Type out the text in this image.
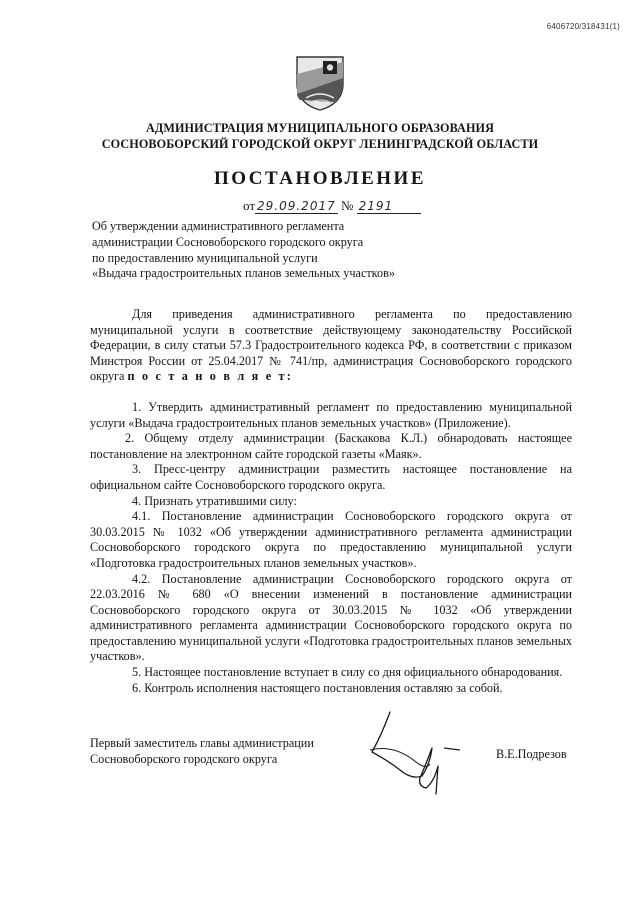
6406720/318431(1)
АДМИНИСТРАЦИЯ МУНИЦИПАЛЬНОГО ОБРАЗОВАНИЯ
СОСНОВОБОРСКИЙ ГОРОДСКОЙ ОКРУГ ЛЕНИНГРАДСКОЙ ОБЛАСТИ
ПОСТАНОВЛЕНИЕ
от 29.09.2017 № 2191
Об утверждении административного регламента
администрации Сосновоборского городского округа
по предоставлению муниципальной услуги
«Выдача градостроительных планов земельных участков»
Для приведения административного регламента по предоставлению
муниципальной услуги в соответствие действующему законодательству Российской Федерации, в силу статьи 57.3 Градостроительного кодекса РФ, в соответствии с приказом Минстроя России от 25.04.2017 № 741/пр, администрация Сосновоборского городского округа п о с т а н о в л я е т:
1. Утвердить административный регламент по предоставлению муниципальной услуги «Выдача градостроительных планов земельных участков» (Приложение).
2. Общему отделу администрации (Баскакова К.Л.) обнародовать настоящее постановление на электронном сайте городской газеты «Маяк».
3. Пресс-центру администрации разместить настоящее постановление на официальном сайте Сосновоборского городского округа.
4. Признать утратившими силу:
4.1. Постановление администрации Сосновоборского городского округа от 30.03.2015 № 1032 «Об утверждении административного регламента администрации Сосновоборского городского округа по предоставлению муниципальной услуги «Подготовка градостроительных планов земельных участков».
4.2. Постановление администрации Сосновоборского городского округа от 22.03.2016 № 680 «О внесении изменений в постановление администрации Сосновоборского городского округа от 30.03.2015 № 1032 «Об утверждении административного регламента администрации Сосновоборского городского округа по предоставлению муниципальной услуги «Подготовка градостроительных планов земельных участков».
5. Настоящее постановление вступает в силу со дня официального обнародования.
6. Контроль исполнения настоящего постановления оставляю за собой.
Первый заместитель главы администрации
Сосновоборского городского округа	В.Е.Подрезов
